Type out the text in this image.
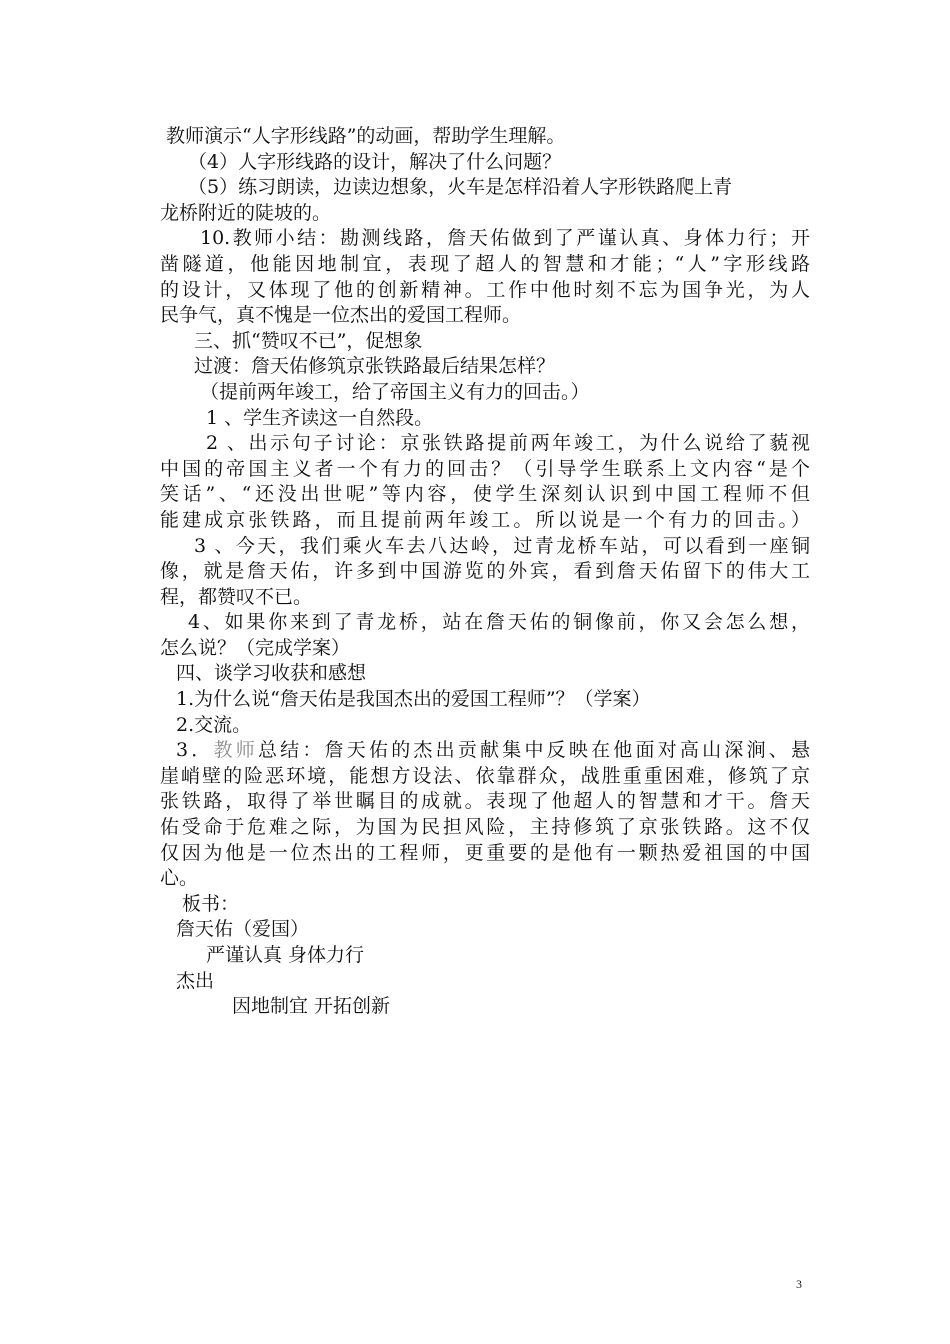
教师演示“人字形线路”的动画，帮助学生理解。
（4）人字形线路的设计，解决了什么问题？
（5）练习朗读，边读边想象，火车是怎样沿着人字形铁路爬上青
龙桥附近的陡坡的。
10.教师小结：勘测线路，詹天佑做到了严谨认真、身体力行；开
凿隧道，他能因地制宜，表现了超人的智慧和才能；“人”字形线路
的设计，又体现了他的创新精神。工作中他时刻不忘为国争光，为人
民争气，真不愧是一位杰出的爱国工程师。
三、抓“赞叹不已”，促想象
过渡：詹天佑修筑京张铁路最后结果怎样？
（提前两年竣工，给了帝国主义有力的回击。）
1 、学生齐读这一自然段。
2 、出示句子讨论：京张铁路提前两年竣工，为什么说给了藐视
中国的帝国主义者一个有力的回击？（引导学生联系上文内容“是个
笑话”、“还没出世呢”等内容，使学生深刻认识到中国工程师不但
能建成京张铁路，而且提前两年竣工。所以说是一个有力的回击。）
3 、今天，我们乘火车去八达岭，过青龙桥车站，可以看到一座铜
像，就是詹天佑，许多到中国游览的外宾，看到詹天佑留下的伟大工
程，都赞叹不已。
4、如果你来到了青龙桥，站在詹天佑的铜像前，你又会怎么想，
怎么说？（完成学案）
四、谈学习收获和感想
1.为什么说“詹天佑是我国杰出的爱国工程师”？（学案）
2.交流。
3．教师总结：詹天佑的杰出贡献集中反映在他面对高山深涧、悬
崖峭壁的险恶环境，能想方设法、依靠群众，战胜重重困难，修筑了京
张铁路，取得了举世瞩目的成就。表现了他超人的智慧和才干。詹天
佑受命于危难之际，为国为民担风险，主持修筑了京张铁路。这不仅
仅因为他是一位杰出的工程师，更重要的是他有一颗热爱祖国的中国
心。
板书：
詹天佑（爱国）
严谨认真 身体力行
杰出
因地制宜 开拓创新
3
